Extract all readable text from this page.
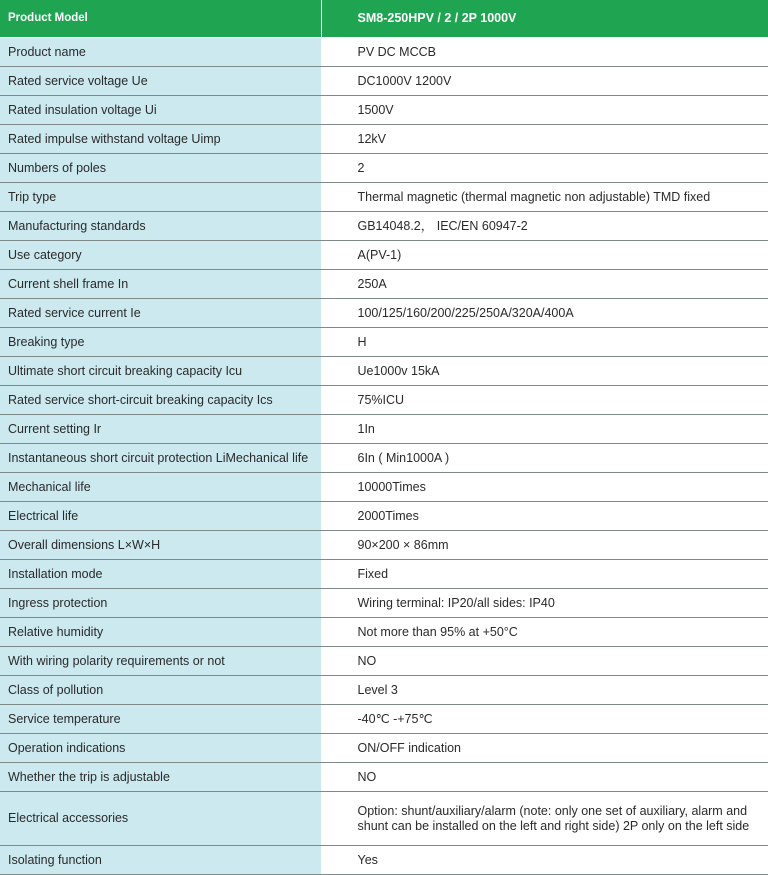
Product Model	SM8-250HPV / 2 / 2P 1000V
Product name	PV DC MCCB
Rated service voltage Ue	DC1000V 1200V
Rated insulation voltage Ui	1500V
Rated impulse withstand voltage Uimp	12kV
Numbers of poles	2
Trip type	Thermal magnetic (thermal magnetic non adjustable) TMD fixed
Manufacturing standards	GB14048.2， IEC/EN 60947-2
Use category	A(PV-1)
Current shell frame In	250A
Rated service current Ie	100/125/160/200/225/250A/320A/400A
Breaking type	H
Ultimate short circuit breaking capacity Icu	Ue1000v 15kA
Rated service short-circuit breaking capacity Ics	75%ICU
Current setting Ir	1In
Instantaneous short circuit protection LiMechanical life	6In ( Min1000A )
Mechanical life	10000Times
Electrical life	2000Times
Overall dimensions L×W×H	90×200 × 86mm
Installation mode	Fixed
Ingress protection	Wiring terminal: IP20/all sides: IP40
Relative humidity	Not more than 95% at +50°C
With wiring polarity requirements or not	NO
Class of pollution	Level 3
Service temperature	-40℃ -+75℃
Operation indications	ON/OFF indication
Whether the trip is adjustable	NO
Electrical accessories	Option: shunt/auxiliary/alarm (note: only one set of auxiliary, alarm and shunt can be installed on the left and right side) 2P only on the left side
Isolating function	Yes
